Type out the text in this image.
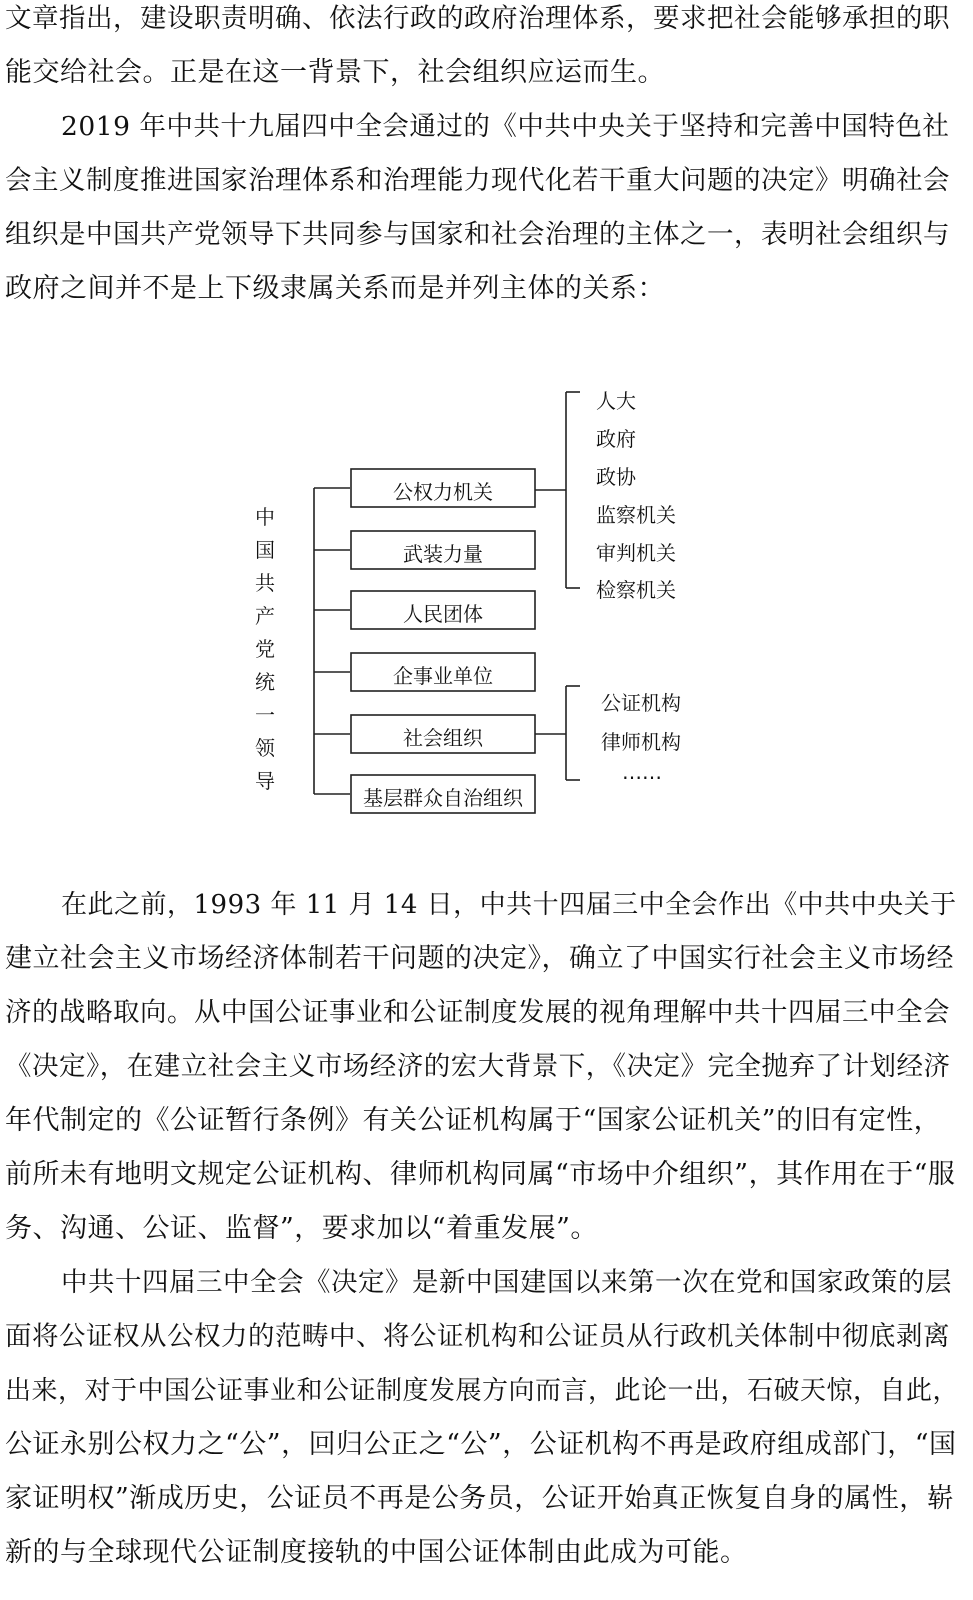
文章指出，建设职责明确、依法行政的政府治理体系，要求把社会能够承担的职
能交给社会。正是在这一背景下，社会组织应运而生。
2019 年中共十九届四中全会通过的《中共中央关于坚持和完善中国特色社
会主义制度推进国家治理体系和治理能力现代化若干重大问题的决定》明确社会
组织是中国共产党领导下共同参与国家和社会治理的主体之一，表明社会组织与
政府之间并不是上下级隶属关系而是并列主体的关系：
中
国
共
产
党
统
一
领
导
公权力机关
武装力量
人民团体
企事业单位
社会组织
基层群众自治组织
人大
政府
政协
监察机关
审判机关
检察机关
公证机构
律师机构
……
在此之前，1993 年 11 月 14 日，中共十四届三中全会作出《中共中央关于
建立社会主义市场经济体制若干问题的决定》，确立了中国实行社会主义市场经
济的战略取向。从中国公证事业和公证制度发展的视角理解中共十四届三中全会
《决定》，在建立社会主义市场经济的宏大背景下，《决定》完全抛弃了计划经济
年代制定的《公证暂行条例》有关公证机构属于“国家公证机关”的旧有定性，
前所未有地明文规定公证机构、律师机构同属“市场中介组织”，其作用在于“服
务、沟通、公证、监督”，要求加以“着重发展”。
中共十四届三中全会《决定》是新中国建国以来第一次在党和国家政策的层
面将公证权从公权力的范畴中、将公证机构和公证员从行政机关体制中彻底剥离
出来，对于中国公证事业和公证制度发展方向而言，此论一出，石破天惊，自此，
公证永别公权力之“公”，回归公正之“公”，公证机构不再是政府组成部门，“国
家证明权”渐成历史，公证员不再是公务员，公证开始真正恢复自身的属性，崭
新的与全球现代公证制度接轨的中国公证体制由此成为可能。
